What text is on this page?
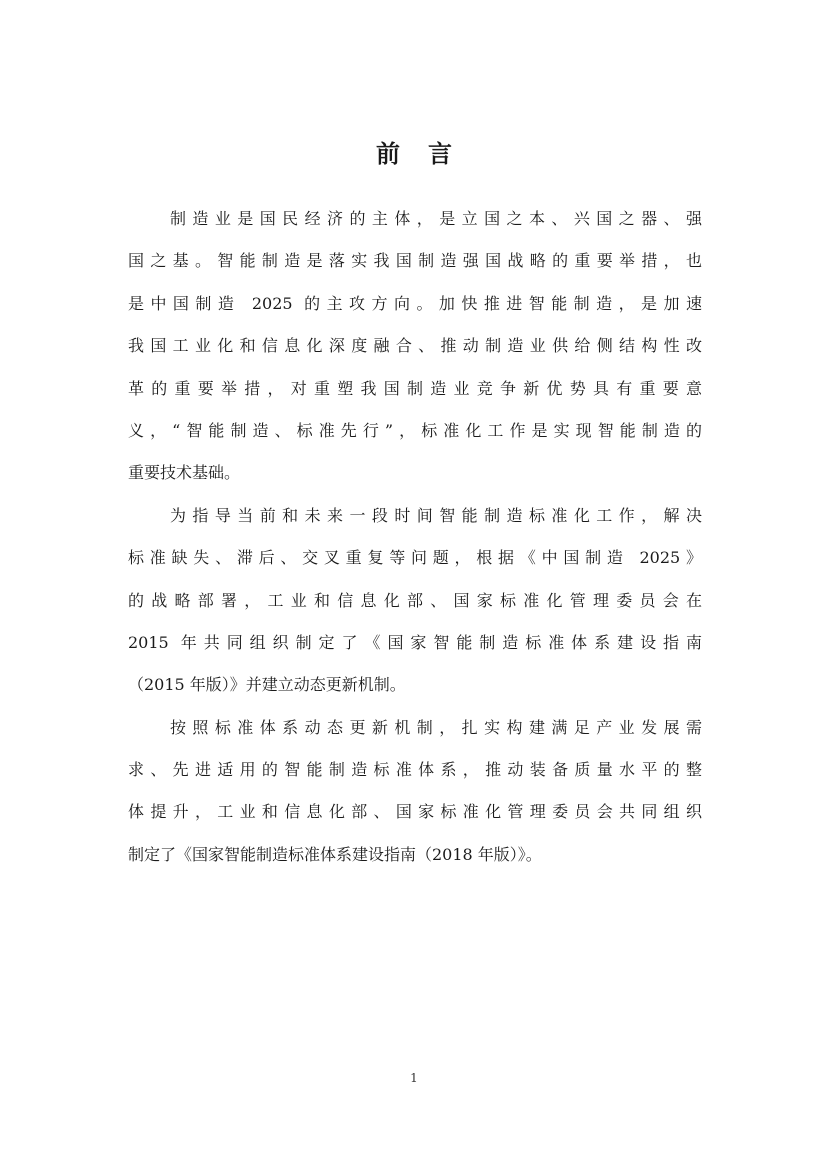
前 言
制造业是国民经济的主体，是立国之本、兴国之器、强
国之基。智能制造是落实我国制造强国战略的重要举措，也
是中国制造 2025 的主攻方向。加快推进智能制造，是加速
我国工业化和信息化深度融合、推动制造业供给侧结构性改
革的重要举措，对重塑我国制造业竞争新优势具有重要意
义，“智能制造、标准先行”，标准化工作是实现智能制造的
重要技术基础。
为指导当前和未来一段时间智能制造标准化工作，解决
标准缺失、滞后、交叉重复等问题，根据《中国制造 2025》
的战略部署，工业和信息化部、国家标准化管理委员会在
2015 年共同组织制定了《国家智能制造标准体系建设指南
（2015 年版）》并建立动态更新机制。
按照标准体系动态更新机制，扎实构建满足产业发展需
求、先进适用的智能制造标准体系，推动装备质量水平的整
体提升，工业和信息化部、国家标准化管理委员会共同组织
制定了《国家智能制造标准体系建设指南（2018 年版）》。
1
